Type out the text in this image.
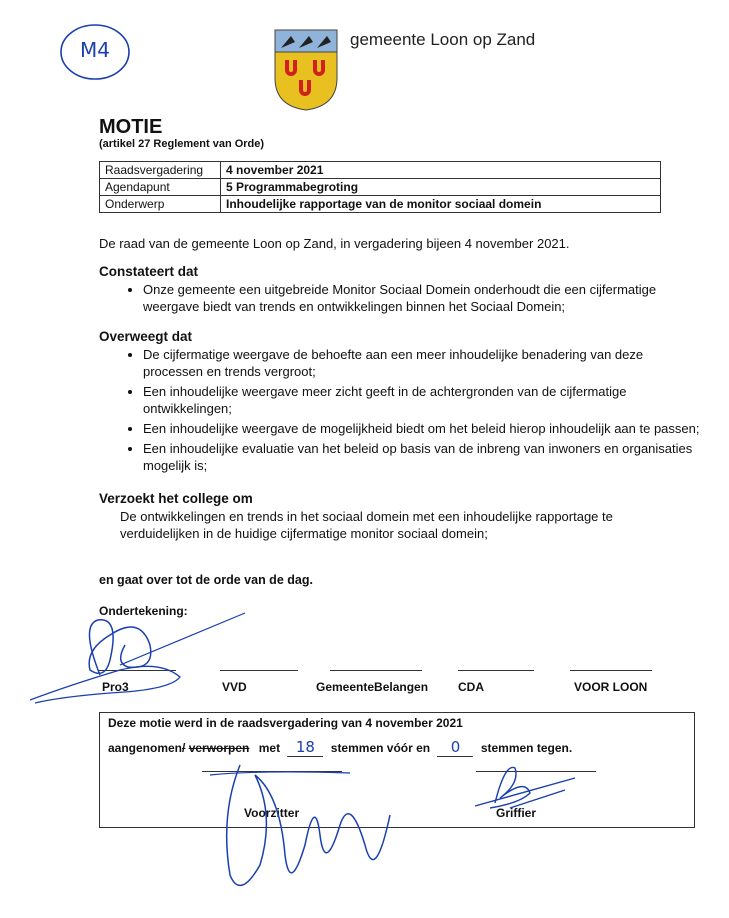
M4	gemeente Loon op Zand
MOTIE
(artikel 27 Reglement van Orde)
Raadsvergadering	4 november 2021
Agendapunt	5 Programmabegroting
Onderwerp	Inhoudelijke rapportage van de monitor sociaal domein
De raad van de gemeente Loon op Zand, in vergadering bijeen 4 november 2021.
Constateert dat
• Onze gemeente een uitgebreide Monitor Sociaal Domein onderhoudt die een cijfermatige weergave biedt van trends en ontwikkelingen binnen het Sociaal Domein;
Overweegt dat
• De cijfermatige weergave de behoefte aan een meer inhoudelijke benadering van deze processen en trends vergroot;
• Een inhoudelijke weergave meer zicht geeft in de achtergronden van de cijfermatige ontwikkelingen;
• Een inhoudelijke weergave de mogelijkheid biedt om het beleid hierop inhoudelijk aan te passen;
• Een inhoudelijke evaluatie van het beleid op basis van de inbreng van inwoners en organisaties mogelijk is;
Verzoekt het college om
De ontwikkelingen en trends in het sociaal domein met een inhoudelijke rapportage te verduidelijken in de huidige cijfermatige monitor sociaal domein;
en gaat over tot de orde van de dag.
Ondertekening:
Pro3	VVD	GemeenteBelangen CDA	VOOR LOON
Deze motie werd in de raadsvergadering van 4 november 2021
aangenomen/ verworpen met 18 stemmen vóór en 0 stemmen tegen.
Voorzitter	Griffier
